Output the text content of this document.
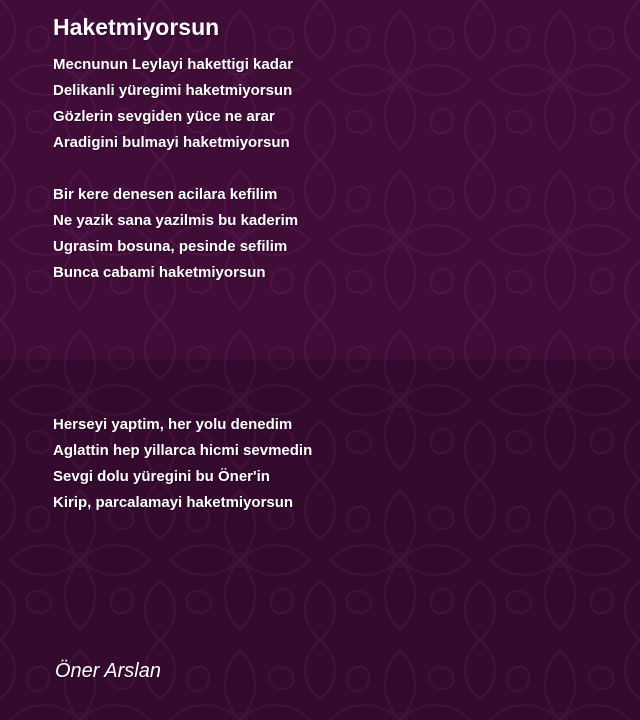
Haketmiyorsun
Mecnunun Leylayi hakettigi kadar
Delikanli yüregimi haketmiyorsun
Gözlerin sevgiden yüce ne arar
Aradigini bulmayi haketmiyorsun
Bir kere denesen acilara kefilim
Ne yazik sana yazilmis bu kaderim
Ugrasim bosuna, pesinde sefilim
Bunca cabami haketmiyorsun
Herseyi yaptim, her yolu denedim
Aglattin hep yillarca hicmi sevmedin
Sevgi dolu yüregini bu Öner'in
Kirip, parcalamayi haketmiyorsun
Öner Arslan
